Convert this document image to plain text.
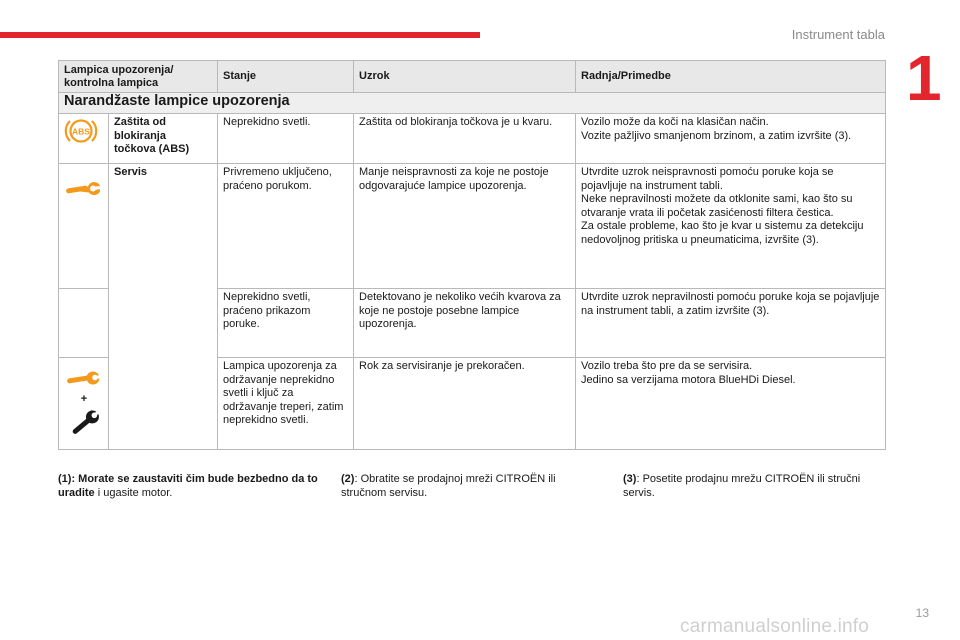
Instrument tabla
1
Lampica upozorenja/
kontrolna lampica		Stanje	Uzrok	Radnja/Primedbe
Narandžaste lampice upozorenja				

ABS	Zaštita od
blokiranja
točkova (ABS)	Neprekidno svetli.	Zaštita od blokiranja točkova je u kvaru.	Vozilo može da koči na klasičan način.
Vozite pažljivo smanjenom brzinom, a zatim izvršite (3).
	Servis	Privremeno uključeno, praćeno porukom.	Manje neispravnosti za koje ne postoje odgovarajuće lampice upozorenja.	Utvrdite uzrok neispravnosti pomoću poruke koja se pojavljuje na instrument tabli.
Neke nepravilnosti možete da otklonite sami, kao što su otvaranje vrata ili početak zasićenosti filtera čestica.
Za ostale probleme, kao što je kvar u sistemu za detekciju nedovoljnog pritiska u pneumaticima, izvršite (3).
		Neprekidno svetli, praćeno prikazom poruke.	Detektovano je nekoliko većih kvarova za koje ne postoje posebne lampice upozorenja.	Utvrdite uzrok nepravilnosti pomoću poruke koja se pojavljuje na instrument tabli, a zatim izvršite (3).

+		Lampica upozorenja za održavanje neprekidno svetli i ključ za održavanje treperi, zatim neprekidno svetli.	Rok za servisiranje je prekoračen.	Vozilo treba što pre da se servisira.
Jedino sa verzijama motora BlueHDi Diesel.
(1): Morate se zaustaviti čim bude bezbedno da to uradite i ugasite motor.
(2): Obratite se prodajnoj mreži CITROËN ili stručnom servisu.
(3): Posetite prodajnu mrežu CITROËN ili stručni servis.
13
carmanualsonline.info
